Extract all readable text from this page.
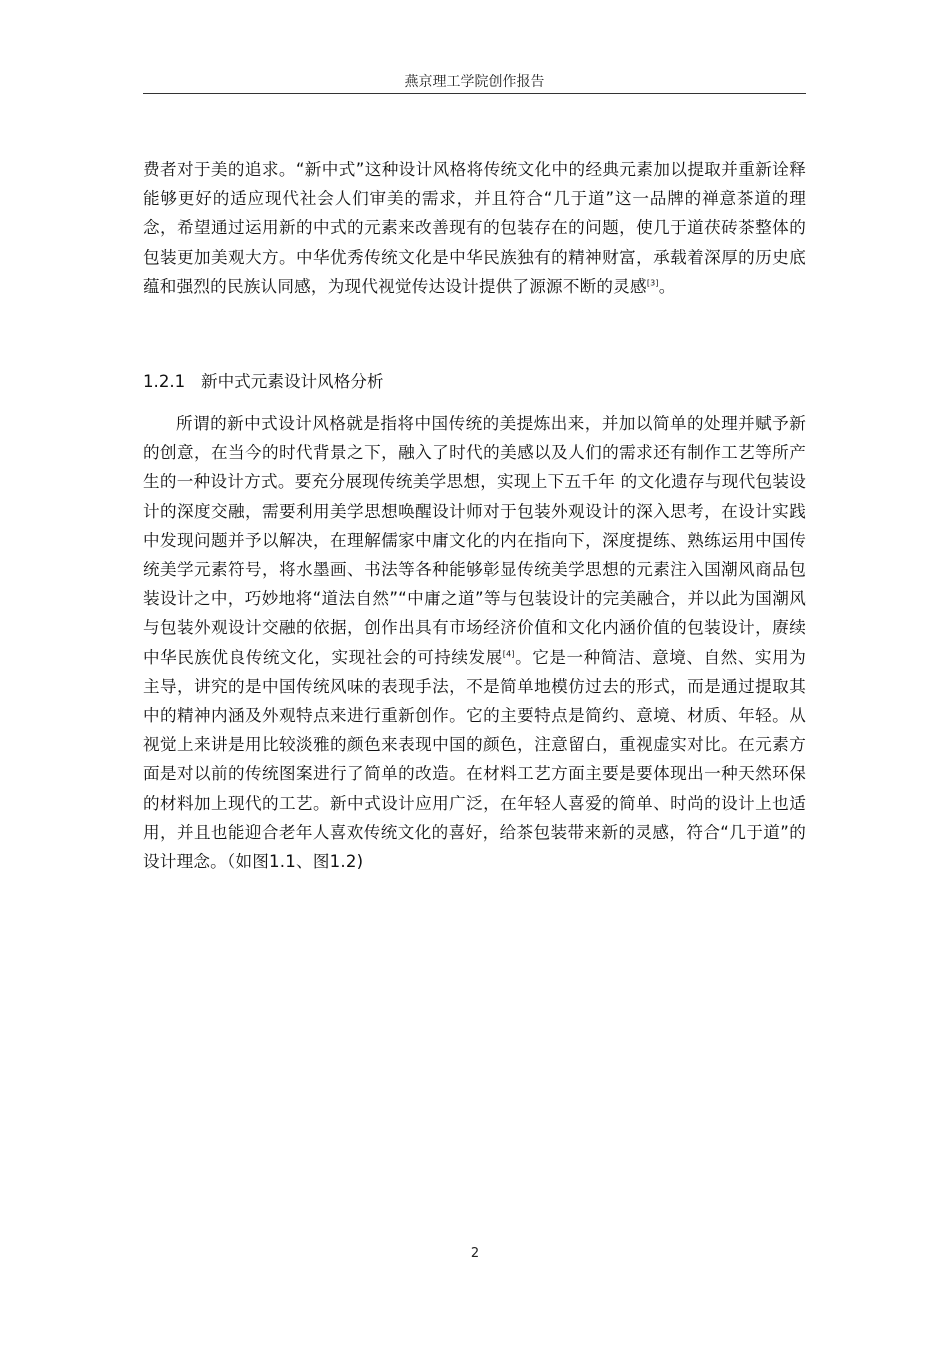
燕京理工学院创作报告

费者对于美的追求。“新中式”这种设计风格将传统文化中的经典元素加以提取并重新诠释能够更好的适应现代社会人们审美的需求，并且符合“几于道”这一品牌的禅意茶道的理念，希望通过运用新的中式的元素来改善现有的包装存在的问题，使几于道茯砖茶整体的包装更加美观大方。中华优秀传统文化是中华民族独有的精神财富，承载着深厚的历史底蕴和强烈的民族认同感，为现代视觉传达设计提供了源源不断的灵感[3]。

1.2.1 新中式元素设计风格分析

所谓的新中式设计风格就是指将中国传统的美提炼出来，并加以简单的处理并赋予新的创意，在当今的时代背景之下，融入了时代的美感以及人们的需求还有制作工艺等所产生的一种设计方式。要充分展现传统美学思想，实现上下五千年 的文化遗存与现代包装设计的深度交融，需要利用美学思想唤醒设计师对于包装外观设计的深入思考，在设计实践中发现问题并予以解决，在理解儒家中庸文化的内在指向下，深度提练、熟练运用中国传统美学元素符号，将水墨画、书法等各种能够彰显传统美学思想的元素注入国潮风商品包装设计之中，巧妙地将“道法自然”“中庸之道”等与包装设计的完美融合，并以此为国潮风与包装外观设计交融的依据，创作出具有市场经济价值和文化内涵价值的包装设计，赓续中华民族优良传统文化，实现社会的可持续发展[4]。它是一种简洁、意境、自然、实用为主导，讲究的是中国传统风味的表现手法，不是简单地模仿过去的形式，而是通过提取其中的精神内涵及外观特点来进行重新创作。它的主要特点是简约、意境、材质、年轻。从视觉上来讲是用比较淡雅的颜色来表现中国的颜色，注意留白，重视虚实对比。在元素方面是对以前的传统图案进行了简单的改造。在材料工艺方面主要是要体现出一种天然环保的材料加上现代的工艺。新中式设计应用广泛，在年轻人喜爱的简单、时尚的设计上也适用，并且也能迎合老年人喜欢传统文化的喜好，给茶包装带来新的灵感，符合“几于道”的设计理念。（如图1.1、图1.2)

2
